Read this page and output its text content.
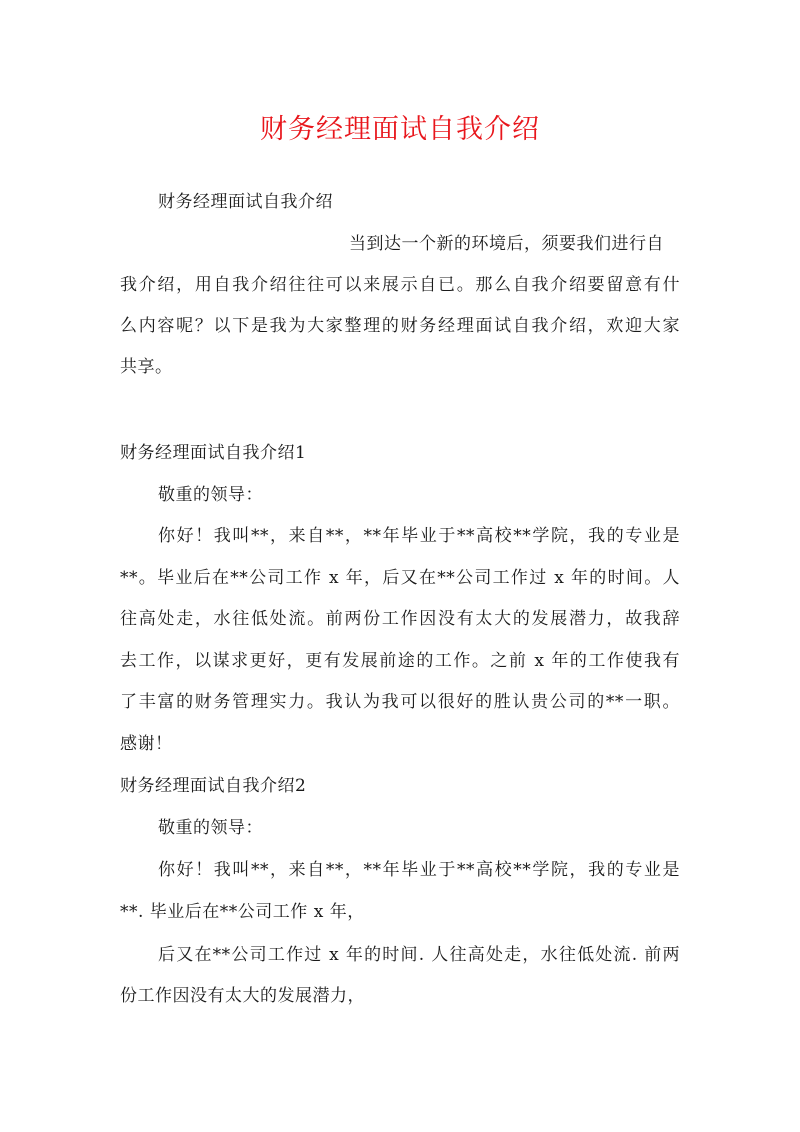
财务经理面试自我介绍
财务经理面试自我介绍
当到达一个新的环境后，须要我们进行自
我介绍，用自我介绍往往可以来展示自已。那么自我介绍要留意有什
么内容呢？以下是我为大家整理的财务经理面试自我介绍，欢迎大家
共享。
财务经理面试自我介绍1
敬重的领导：
你好！我叫**，来自**，**年毕业于**高校**学院，我的专业是
**。毕业后在**公司工作 x 年，后又在**公司工作过 x 年的时间。人
往高处走，水往低处流。前两份工作因没有太大的发展潜力，故我辞
去工作，以谋求更好，更有发展前途的工作。之前 x 年的工作使我有
了丰富的财务管理实力。我认为我可以很好的胜认贵公司的**一职。
感谢！
财务经理面试自我介绍2
敬重的领导：
你好！我叫**，来自**，**年毕业于**高校**学院，我的专业是
**. 毕业后在**公司工作 x 年，
后又在**公司工作过 x 年的时间. 人往高处走，水往低处流. 前两
份工作因没有太大的发展潜力，
